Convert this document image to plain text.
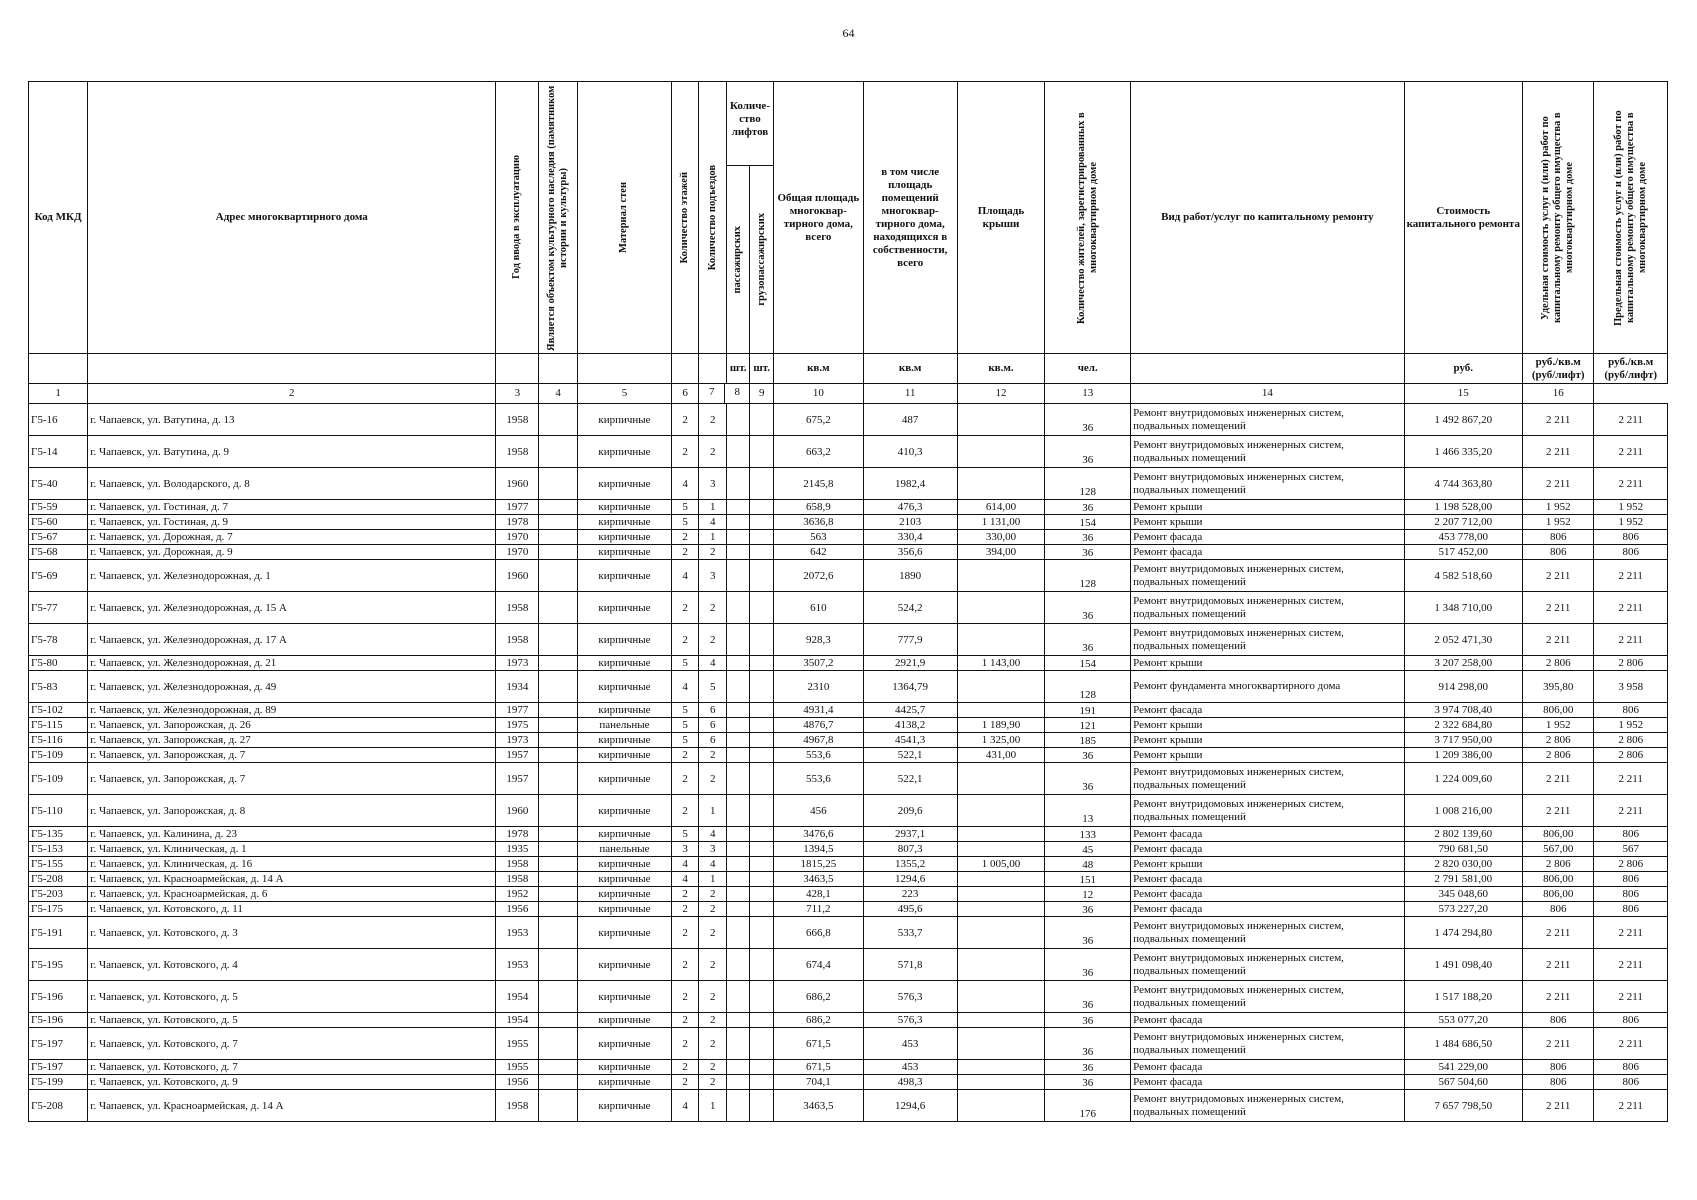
64
Код МКД	Адрес многоквартирного дома	Год ввода в эксплуатацию	Является объектом культурного наследия (памятником истории и культуры)	Материал стен	Количество этажей	Количество подъездов	Количе-ство лифтов		Общая площадь многоквар-тирного дома, всего	в том числе площадь помещений многоквар-тирного дома, находящихся в собственности, всего	Площадь крыши	Количество жителей, зарегистрированных в многоквартирном доме	Вид работ/услуг по капитальному ремонту	Стоимость капитального ремонта	Удельная стоимость услуг и (или) работ по капитальному ремонту общего имущества в многоквартирном доме	Предельная стоимость услуг и (или) работ по капитальному ремонту общего имущества в многоквартирном доме

							пассажирских	грузопассажирских								

							шт.	шт.	кв.м	кв.м	кв.м.	чел.		руб.	руб./кв.м (руб/лифт)	руб./кв.м (руб/лифт)
1	2	3	4	5	6	7 8		9	10	11	12	13	14	15	16	
Г5-16	г. Чапаевск, ул. Ватутина, д. 13	1958		кирпичные	2	2			675,2	487		36	Ремонт внутридомовых инженерных систем, подвальных помещений	1 492 867,20	2 211	2 211
Г5-14	г. Чапаевск, ул. Ватутина, д. 9	1958		кирпичные	2	2			663,2	410,3		36	Ремонт внутридомовых инженерных систем, подвальных помещений	1 466 335,20	2 211	2 211
Г5-40	г. Чапаевск, ул. Володарского, д. 8	1960		кирпичные	4	3			2145,8	1982,4		128	Ремонт внутридомовых инженерных систем, подвальных помещений	4 744 363,80	2 211	2 211
Г5-59	г. Чапаевск, ул. Гостиная, д. 7	1977		кирпичные	5	1			658,9	476,3	614,00	36	Ремонт крыши	1 198 528,00	1 952	1 952
Г5-60	г. Чапаевск, ул. Гостиная, д. 9	1978		кирпичные	5	4			3636,8	2103	1 131,00	154	Ремонт крыши	2 207 712,00	1 952	1 952
Г5-67	г. Чапаевск, ул. Дорожная, д. 7	1970		кирпичные	2	1			563	330,4	330,00	36	Ремонт фасада	453 778,00	806	806
Г5-68	г. Чапаевск, ул. Дорожная, д. 9	1970		кирпичные	2	2			642	356,6	394,00	36	Ремонт фасада	517 452,00	806	806
Г5-69	г. Чапаевск, ул. Железнодорожная, д. 1	1960		кирпичные	4	3			2072,6	1890		128	Ремонт внутридомовых инженерных систем, подвальных помещений	4 582 518,60	2 211	2 211
Г5-77	г. Чапаевск, ул. Железнодорожная, д. 15 А	1958		кирпичные	2	2			610	524,2		36	Ремонт внутридомовых инженерных систем, подвальных помещений	1 348 710,00	2 211	2 211
Г5-78	г. Чапаевск, ул. Железнодорожная, д. 17 А	1958		кирпичные	2	2			928,3	777,9		36	Ремонт внутридомовых инженерных систем, подвальных помещений	2 052 471,30	2 211	2 211
Г5-80	г. Чапаевск, ул. Железнодорожная, д. 21	1973		кирпичные	5	4			3507,2	2921,9	1 143,00	154	Ремонт крыши	3 207 258,00	2 806	2 806
Г5-83	г. Чапаевск, ул. Железнодорожная, д. 49	1934		кирпичные	4	5			2310	1364,79		128	Ремонт фундамента многоквартирного дома	914 298,00	395,80	3 958
Г5-102	г. Чапаевск, ул. Железнодорожная, д. 89	1977		кирпичные	5	6			4931,4	4425,7		191	Ремонт фасада	3 974 708,40	806,00	806
Г5-115	г. Чапаевск, ул. Запорожская, д. 26	1975		панельные	5	6			4876,7	4138,2	1 189,90	121	Ремонт крыши	2 322 684,80	1 952	1 952
Г5-116	г. Чапаевск, ул. Запорожская, д. 27	1973		кирпичные	5	6			4967,8	4541,3	1 325,00	185	Ремонт крыши	3 717 950,00	2 806	2 806
Г5-109	г. Чапаевск, ул. Запорожская, д. 7	1957		кирпичные	2	2			553,6	522,1	431,00	36	Ремонт крыши	1 209 386,00	2 806	2 806
Г5-109	г. Чапаевск, ул. Запорожская, д. 7	1957		кирпичные	2	2			553,6	522,1		36	Ремонт внутридомовых инженерных систем, подвальных помещений	1 224 009,60	2 211	2 211
Г5-110	г. Чапаевск, ул. Запорожская, д. 8	1960		кирпичные	2	1			456	209,6		13	Ремонт внутридомовых инженерных систем, подвальных помещений	1 008 216,00	2 211	2 211
Г5-135	г. Чапаевск, ул. Калинина, д. 23	1978		кирпичные	5	4			3476,6	2937,1		133	Ремонт фасада	2 802 139,60	806,00	806
Г5-153	г. Чапаевск, ул. Клиническая, д. 1	1935		панельные	3	3			1394,5	807,3		45	Ремонт фасада	790 681,50	567,00	567
Г5-155	г. Чапаевск, ул. Клиническая, д. 16	1958		кирпичные	4	4			1815,25	1355,2	1 005,00	48	Ремонт крыши	2 820 030,00	2 806	2 806
Г5-208	г. Чапаевск, ул. Красноармейская, д. 14 А	1958		кирпичные	4	1			3463,5	1294,6		151	Ремонт фасада	2 791 581,00	806,00	806
Г5-203	г. Чапаевск, ул. Красноармейская, д. 6	1952		кирпичные	2	2			428,1	223		12	Ремонт фасада	345 048,60	806,00	806
Г5-175	г. Чапаевск, ул. Котовского, д. 11	1956		кирпичные	2	2			711,2	495,6		36	Ремонт фасада	573 227,20	806	806
Г5-191	г. Чапаевск, ул. Котовского, д. 3	1953		кирпичные	2	2			666,8	533,7		36	Ремонт внутридомовых инженерных систем, подвальных помещений	1 474 294,80	2 211	2 211
Г5-195	г. Чапаевск, ул. Котовского, д. 4	1953		кирпичные	2	2			674,4	571,8		36	Ремонт внутридомовых инженерных систем, подвальных помещений	1 491 098,40	2 211	2 211
Г5-196	г. Чапаевск, ул. Котовского, д. 5	1954		кирпичные	2	2			686,2	576,3		36	Ремонт внутридомовых инженерных систем, подвальных помещений	1 517 188,20	2 211	2 211
Г5-196	г. Чапаевск, ул. Котовского, д. 5	1954		кирпичные	2	2			686,2	576,3		36	Ремонт фасада	553 077,20	806	806
Г5-197	г. Чапаевск, ул. Котовского, д. 7	1955		кирпичные	2	2			671,5	453		36	Ремонт внутридомовых инженерных систем, подвальных помещений	1 484 686,50	2 211	2 211
Г5-197	г. Чапаевск, ул. Котовского, д. 7	1955		кирпичные	2	2			671,5	453		36	Ремонт фасада	541 229,00	806	806
Г5-199	г. Чапаевск, ул. Котовского, д. 9	1956		кирпичные	2	2			704,1	498,3		36	Ремонт фасада	567 504,60	806	806
Г5-208	г. Чапаевск, ул. Красноармейская, д. 14 А	1958		кирпичные	4	1			3463,5	1294,6		176	Ремонт внутридомовых инженерных систем, подвальных помещений	7 657 798,50	2 211	2 211
